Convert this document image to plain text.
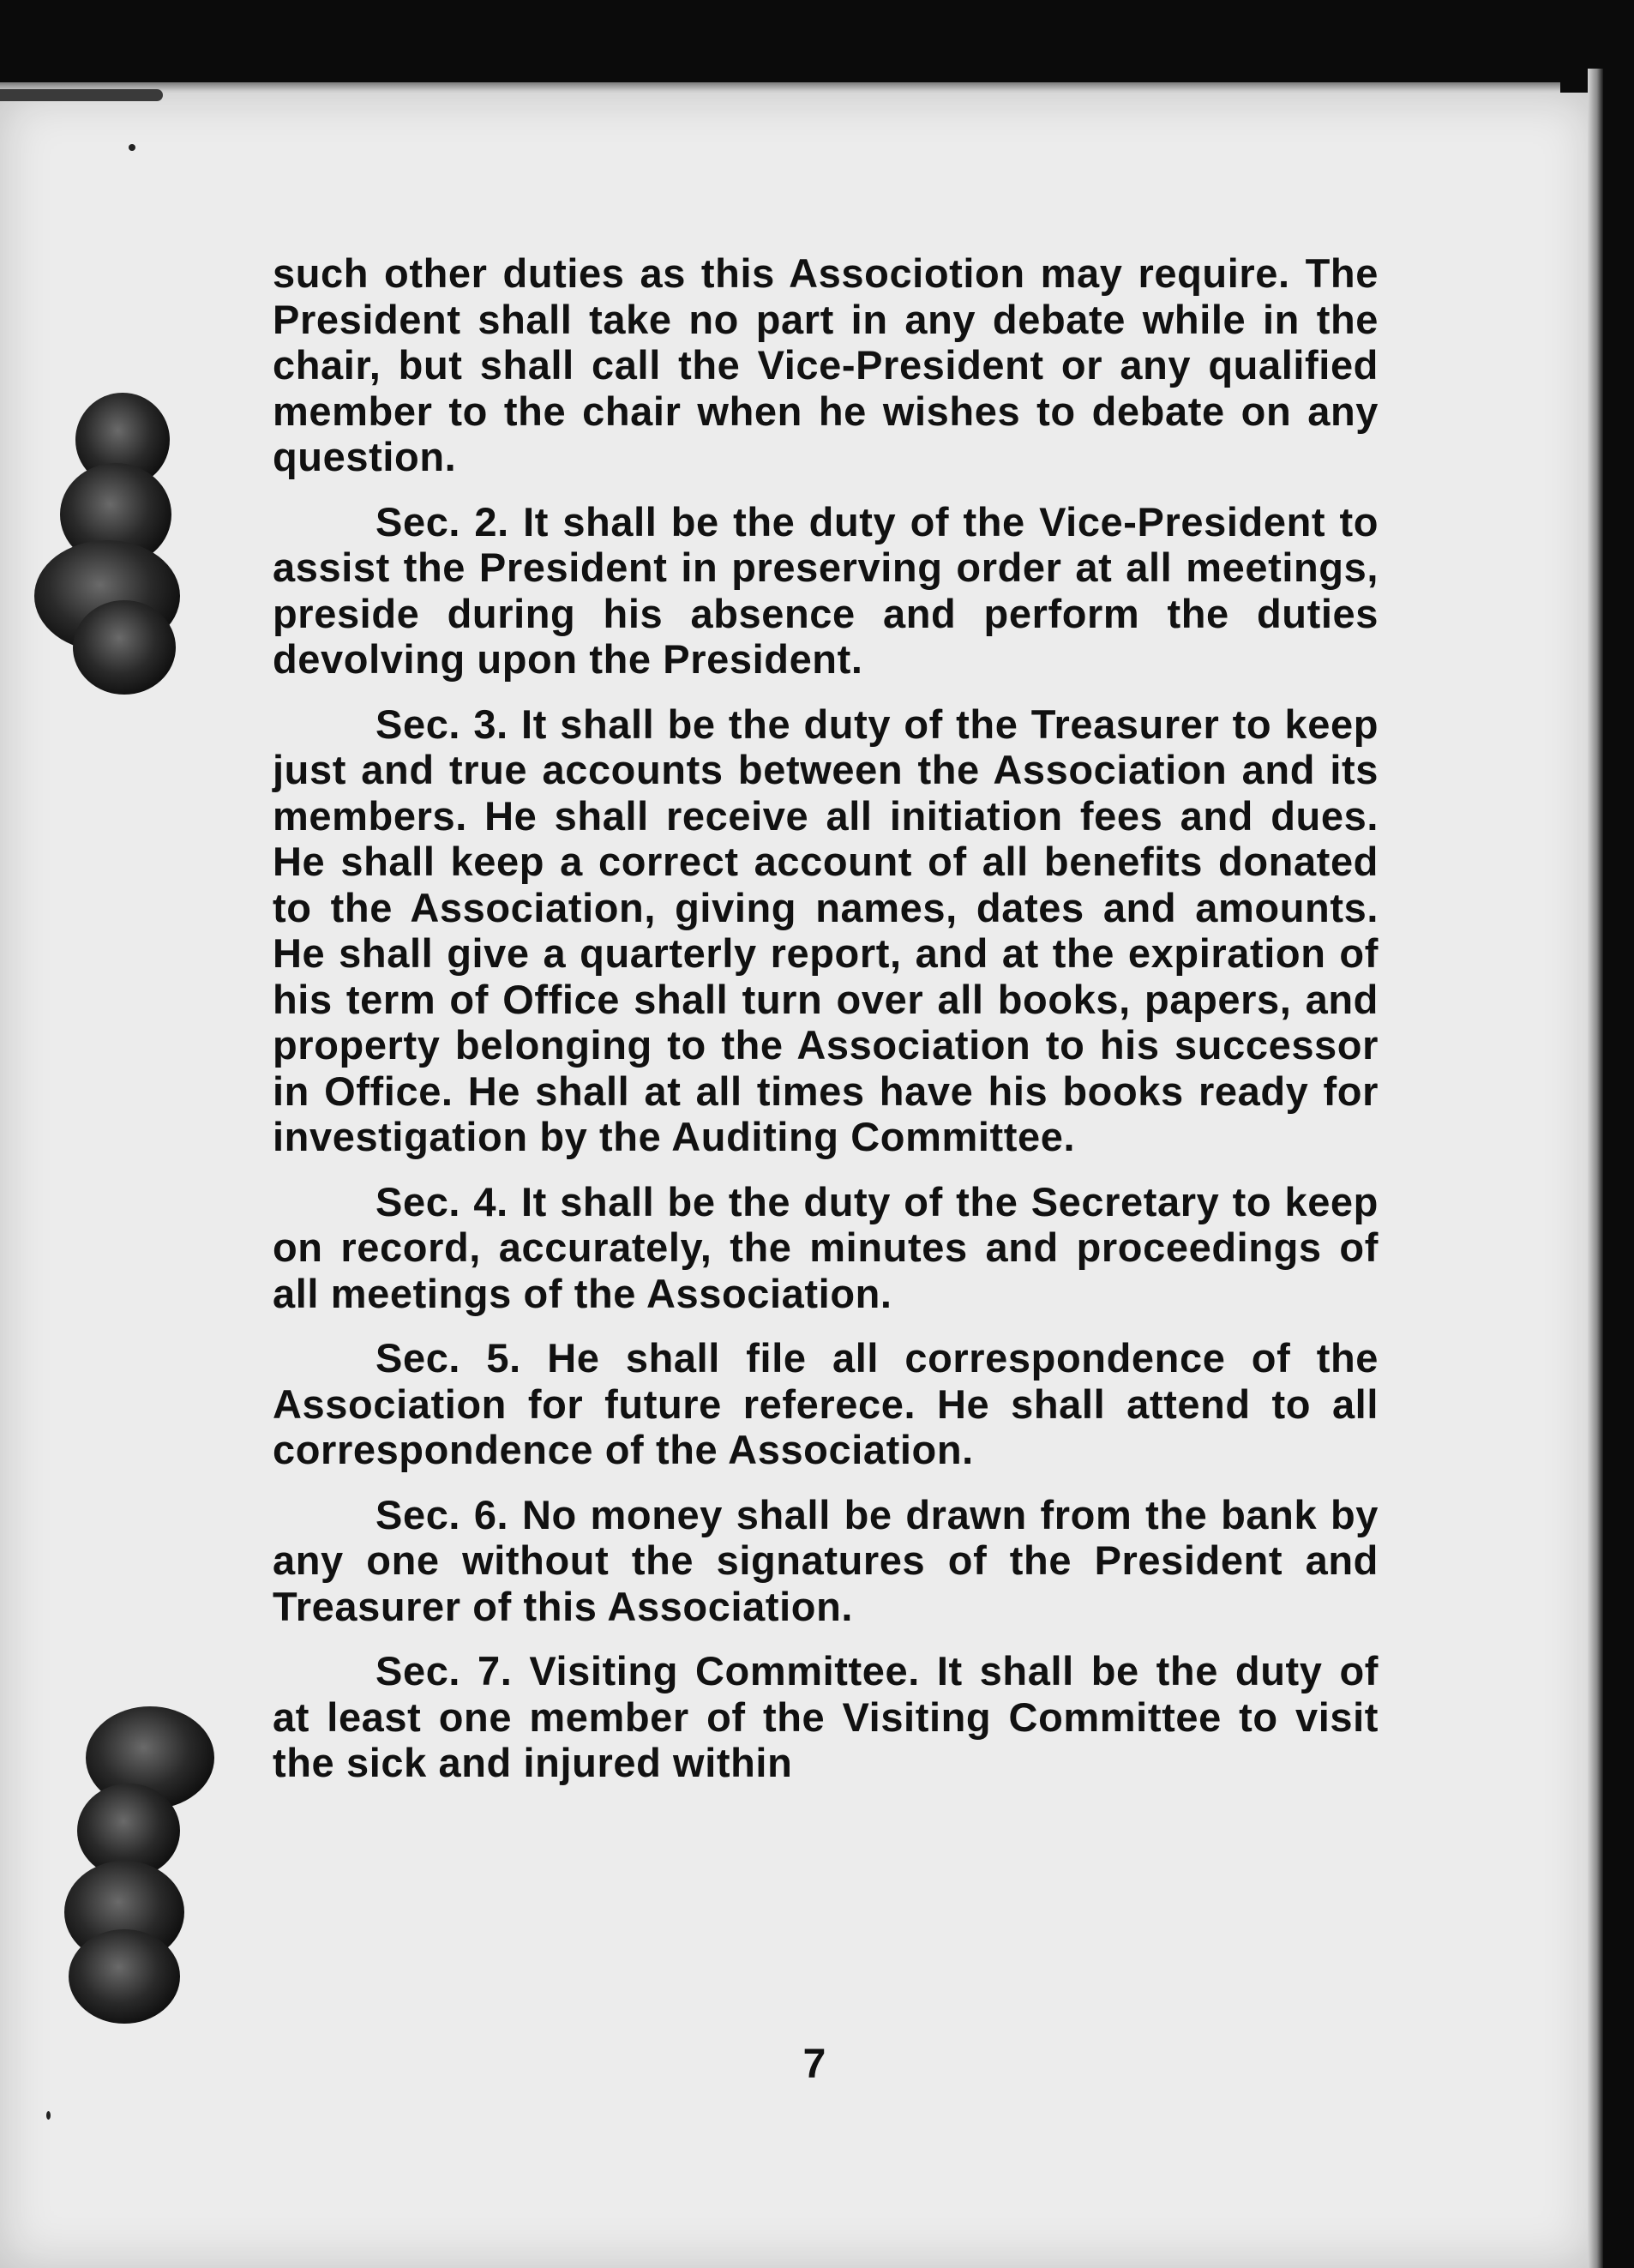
such other duties as this Associotion may require. The President shall take no part in any debate while in the chair, but shall call the Vice-President or any qualified member to the chair when he wishes to debate on any question.

Sec. 2. It shall be the duty of the Vice-President to assist the President in preserving order at all meetings, preside during his absence and perform the duties devolving upon the President.

Sec. 3. It shall be the duty of the Treasurer to keep just and true accounts between the Association and its members. He shall receive all initiation fees and dues. He shall keep a correct account of all benefits donated to the Association, giving names, dates and amounts. He shall give a quarterly report, and at the expiration of his term of Office shall turn over all books, papers, and property belonging to the Association to his successor in Office. He shall at all times have his books ready for investigation by the Auditing Committee.

Sec. 4. It shall be the duty of the Secretary to keep on record, accurately, the minutes and proceedings of all meetings of the Association.

Sec. 5. He shall file all correspondence of the Association for future referece. He shall attend to all correspondence of the Association.

Sec. 6. No money shall be drawn from the bank by any one without the signatures of the President and Treasurer of this Association.

Sec. 7. Visiting Committee. It shall be the duty of at least one member of the Visiting Committee to visit the sick and injured within

7
